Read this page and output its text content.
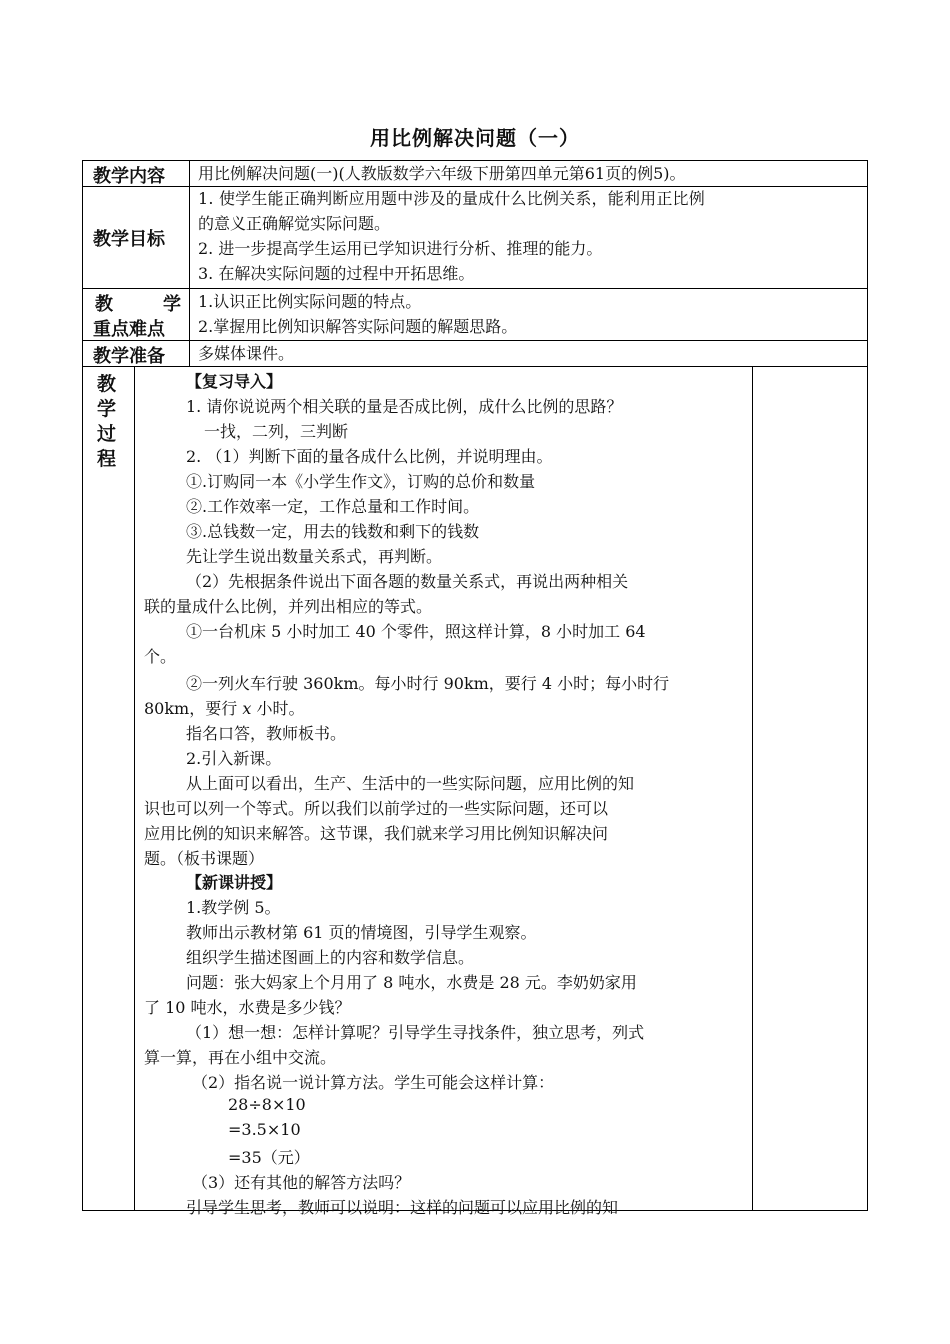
用比例解决问题（一）
教学内容 用比例解决问题(一)(人教版数学六年级下册第四单元第61页的例5)。
教学目标
1. 使学生能正确判断应用题中涉及的量成什么比例关系，能利用正比例
的意义正确解觉实际问题。
2. 进一步提高学生运用已学知识进行分析、推理的能力。
3. 在解决实际问题的过程中开拓思维。
教	学
重点难点
1.认识正比例实际问题的特点。
2.掌握用比例知识解答实际问题的解题思路。
教学准备 多媒体课件。
教
学
过
程
【复习导入】
1. 请你说说两个相关联的量是否成比例，成什么比例的思路？
一找，二列，三判断
2. （1）判断下面的量各成什么比例，并说明理由。
①.订购同一本《小学生作文》，订购的总价和数量
②.工作效率一定，工作总量和工作时间。
③.总钱数一定，用去的钱数和剩下的钱数
先让学生说出数量关系式，再判断。
（2）先根据条件说出下面各题的数量关系式，再说出两种相关
联的量成什么比例，并列出相应的等式。
①一台机床 5 小时加工 40 个零件，照这样计算，8 小时加工 64
个。
②一列火车行驶 360km。每小时行 90km，要行 4 小时；每小时行
80km，要行 x 小时。
指名口答，教师板书。
2.引入新课。
从上面可以看出，生产、生活中的一些实际问题，应用比例的知
识也可以列一个等式。所以我们以前学过的一些实际问题，还可以
应用比例的知识来解答。这节课，我们就来学习用比例知识解决问
题。（板书课题）
【新课讲授】
1.教学例 5。
教师出示教材第 61 页的情境图，引导学生观察。
组织学生描述图画上的内容和数学信息。
问题：张大妈家上个月用了 8 吨水，水费是 28 元。李奶奶家用
了 10 吨水，水费是多少钱？
（1）想一想：怎样计算呢？引导学生寻找条件，独立思考，列式
算一算，再在小组中交流。
（2）指名说一说计算方法。学生可能会这样计算：
28÷8×10
=3.5×10
=35（元）
（3）还有其他的解答方法吗？
引导学生思考，教师可以说明：这样的问题可以应用比例的知
